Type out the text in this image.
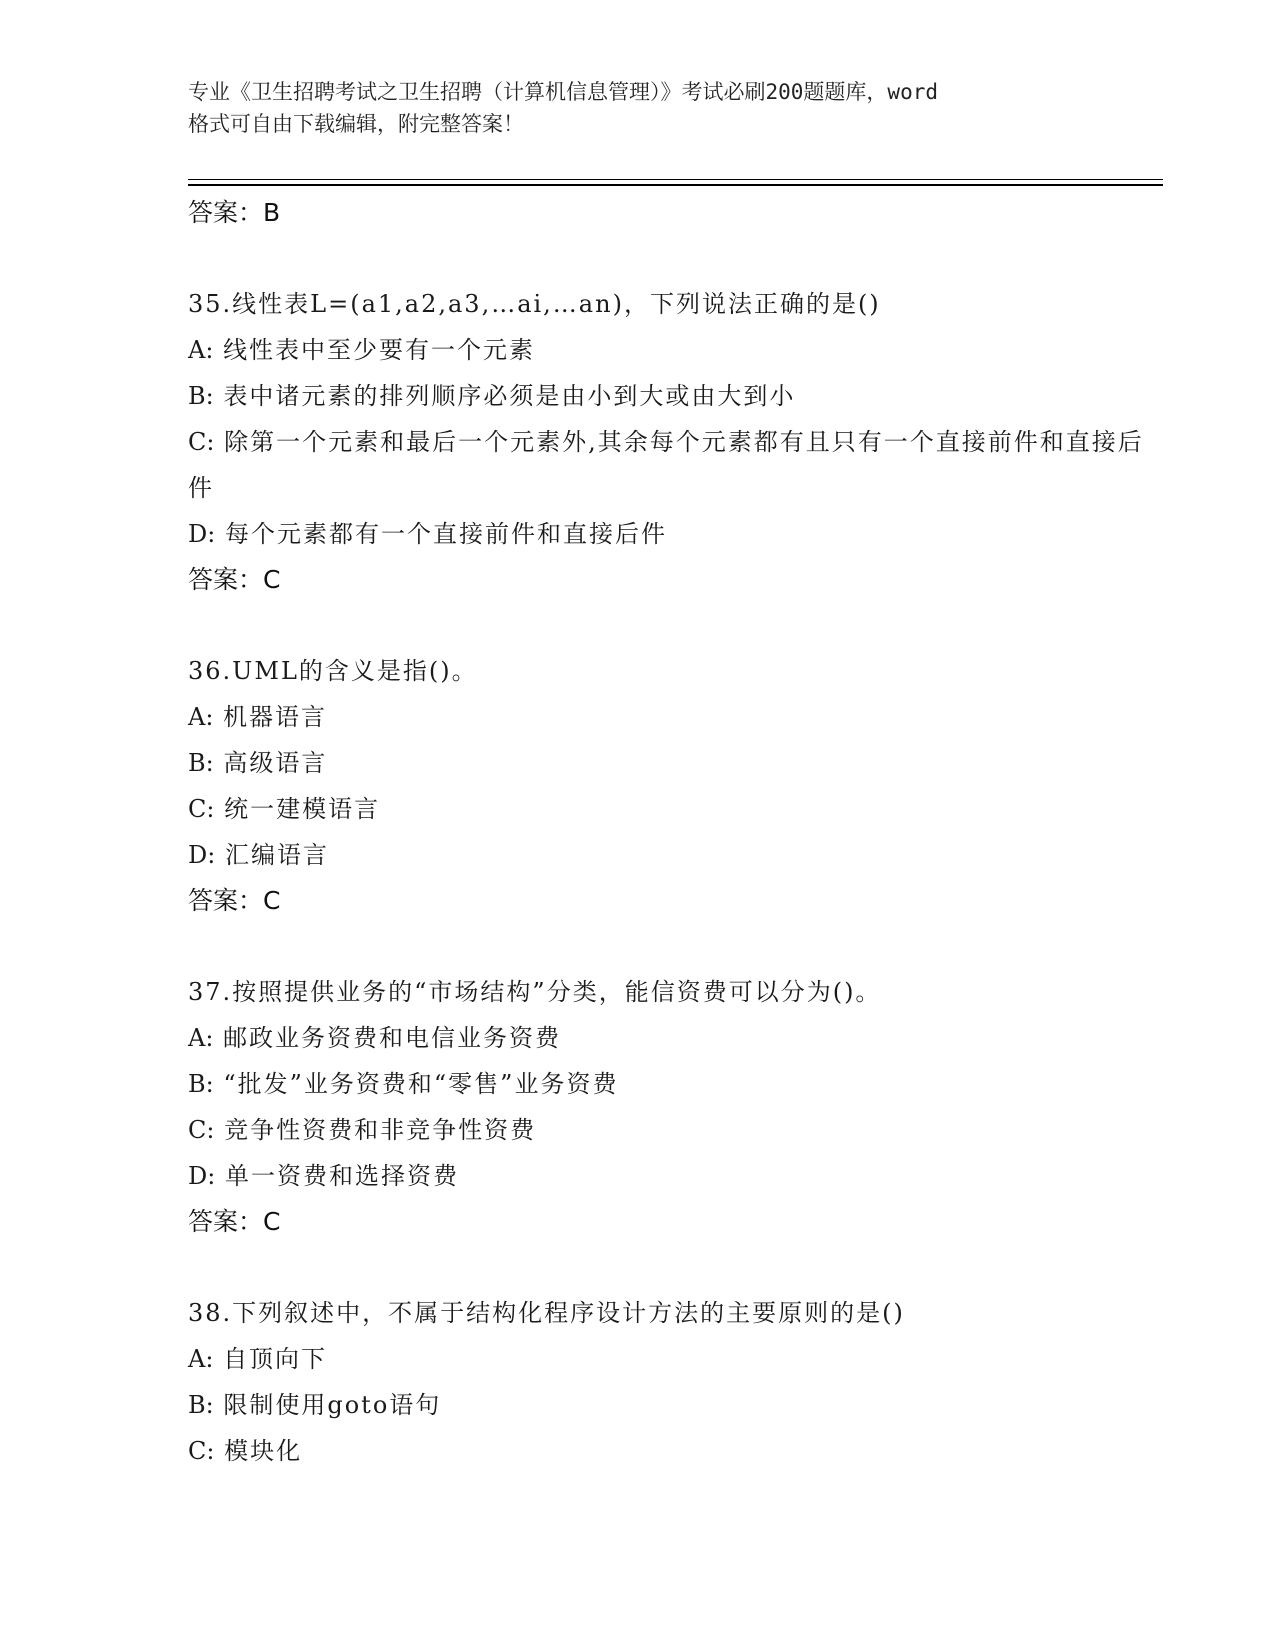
专业《卫生招聘考试之卫生招聘（计算机信息管理）》考试必刷200题题库，word
格式可自由下载编辑，附完整答案！
答案：B
35.线性表L=(a1,a2,a3,…ai,…an)，下列说法正确的是()
A: 线性表中至少要有一个元素
B: 表中诸元素的排列顺序必须是由小到大或由大到小
C: 除第一个元素和最后一个元素外,其余每个元素都有且只有一个直接前件和直接后件
D: 每个元素都有一个直接前件和直接后件
答案：C
36.UML的含义是指()。
A: 机器语言
B: 高级语言
C: 统一建模语言
D: 汇编语言
答案：C
37.按照提供业务的“市场结构”分类，能信资费可以分为()。
A: 邮政业务资费和电信业务资费
B: “批发”业务资费和“零售”业务资费
C: 竞争性资费和非竞争性资费
D: 单一资费和选择资费
答案：C
38.下列叙述中，不属于结构化程序设计方法的主要原则的是()
A: 自顶向下
B: 限制使用goto语句
C: 模块化
